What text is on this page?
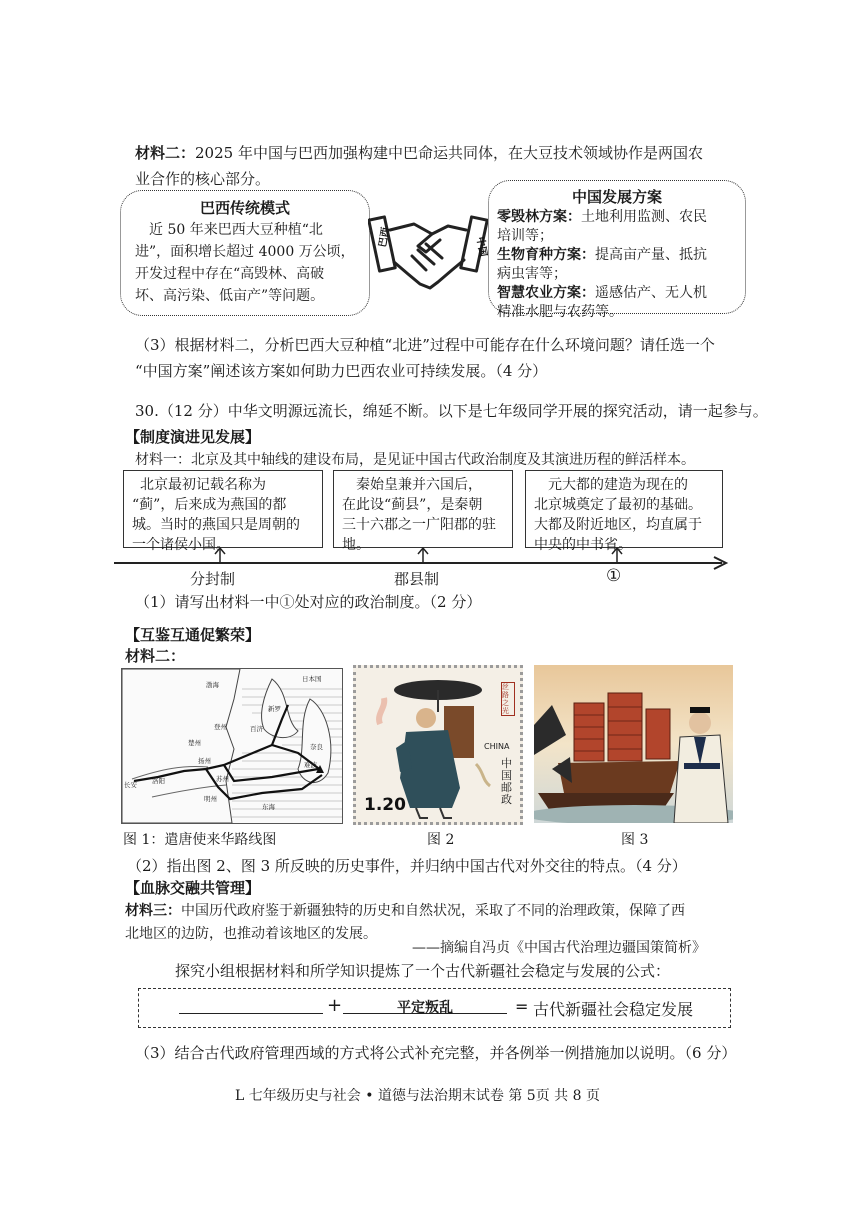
材料二：2025 年中国与巴西加强构建中巴命运共同体，在大豆技术领域协作是两国农
业合作的核心部分。
巴西传统模式
近 50 年来巴西大豆种植“北
进”，面积增长超过 4000 万公顷，
开发过程中存在“高毁林、高破
坏、高污染、低亩产”等问题。
巴西	中国
中国发展方案
零毁林方案：土地利用监测、农民
培训等；
生物育种方案：提高亩产量、抵抗
病虫害等；
智慧农业方案：遥感估产、无人机
精准水肥与农药等。
（3）根据材料二，分析巴西大豆种植“北进”过程中可能存在什么环境问题？请任选一个
“中国方案”阐述该方案如何助力巴西农业可持续发展。（4 分）
30.（12 分）中华文明源远流长，绵延不断。以下是七年级同学开展的探究活动，请一起参与。
【制度演进见发展】
材料一：北京及其中轴线的建设布局，是见证中国古代政治制度及其演进历程的鲜活样本。
北京最初记载名称为
“蓟”，后来成为燕国的都
城。当时的燕国只是周朝的
一个诸侯小国。
秦始皇兼并六国后，
在此设“蓟县”，是秦朝
三十六郡之一广阳郡的驻
地。
元大都的建造为现在的
北京城奠定了最初的基础。
大都及附近地区，均直属于
中央的中书省。
分封制	郡县制	①
（1）请写出材料一中①处对应的政治制度。（2 分）
【互鉴互通促繁荣】
材料二：
日本国
渤海
长安 洛阳
扬州
明州
新罗
百济
难波
奈良
登州
楚州
苏州
东海	1.20
中国邮政
CHINA
丝路之光
图 1：遣唐使来华路线图	图 2	图 3
（2）指出图 2、图 3 所反映的历史事件，并归纳中国古代对外交往的特点。（4 分）
【血脉交融共管理】
材料三：中国历代政府鉴于新疆独特的历史和自然状况，采取了不同的治理政策，保障了西
北地区的边防，也推动着该地区的发展。
——摘编自冯贞《中国古代治理边疆国策简析》
探究小组根据材料和所学知识提炼了一个古代新疆社会稳定与发展的公式：
+	平定叛乱	= 古代新疆社会稳定发展
（3）结合古代政府管理西域的方式将公式补充完整，并各例举一例措施加以说明。（6 分）
L 七年级历史与社会 • 道德与法治期末试卷 第 5页 共 8 页
